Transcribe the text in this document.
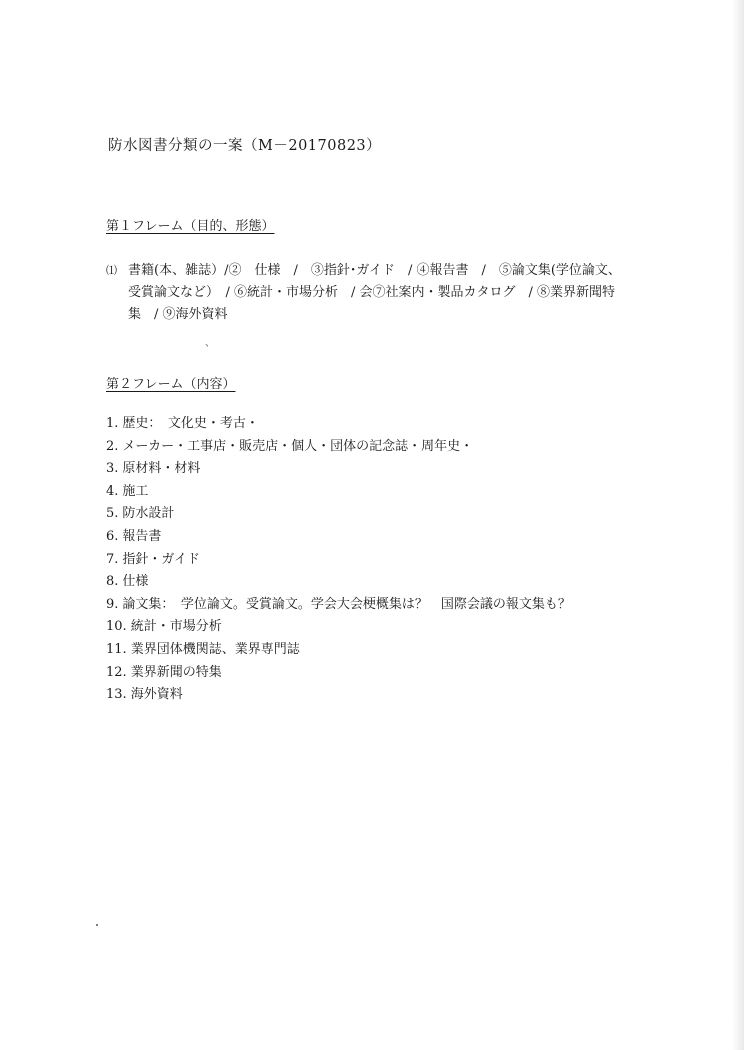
防水図書分類の一案（M－20170823）
第１フレーム（目的、形態）
⑴ 書籍(本、雑誌）/②　仕様　/　③指針･ガイド　/ ④報告書　/　⑤論文集(学位論文、
受賞論文など）　/ ⑥統計・市場分析　/ 会⑦社案内・製品カタログ　/ ⑧業界新聞特
集　/ ⑨海外資料
、
第２フレーム（内容）
1. 歴史：　文化史・考古・
2. メーカー・工事店・販売店・個人・団体の記念誌・周年史・
3. 原材料・材料
4. 施工
5. 防水設計
6. 報告書
7. 指針・ガイド
8. 仕様
9. 論文集：　学位論文。受賞論文。学会大会梗概集は？　国際会議の報文集も？
10. 統計・市場分析
11. 業界団体機関誌、業界専門誌
12. 業界新聞の特集
13. 海外資料
